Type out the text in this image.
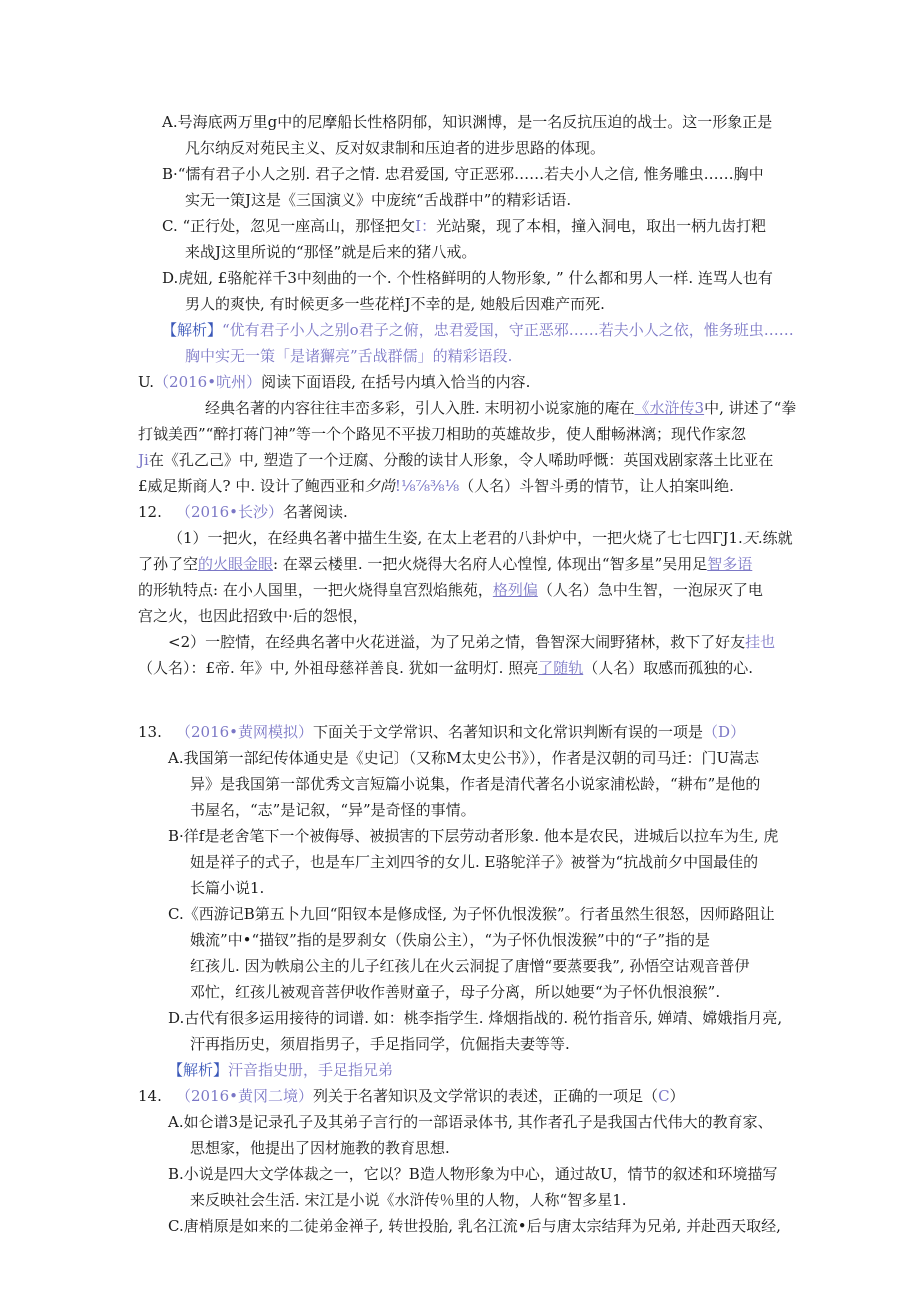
A.号海底两万里g中的尼摩船长性格阴郁，知识渊博，是一名反抗压迫的战士。这一形象正是
凡尔纳反对苑民主义、反对奴隶制和压迫者的进步思路的体现。
B·“懦有君子小人之别. 君子之情. 忠君爱国, 守正恶邪……若夫小人之信, 惟务雕虫……胸中
实无一策J这是《三国演义》中庞统“舌战群中”的精彩话语.
C. “正行处，忽见一座高山，那怪把攵I：光站聚，现了本相，撞入洞电，取出一柄九齿打粑
来战J这里所说的“那怪”就是后来的猪八戒。
D.虎妞, £骆舵祥千3中刻曲的一个. 个性格鲜明的人物形象, ” 什么都和男人一样. 连骂人也有
男人的爽快, 有时候更多一些花样J不幸的是, 她般后因难产而死.
【解析】“优有君子小人之别o君子之俯，忠君爱国，守正恶邪……若夫小人之依，惟务班虫……
胸中实无一策「是诸獬亮”舌战群儒」的精彩语段.
U.（2016•吭州）阅读下面语段, 在括号内填入恰当的内容.
经典名著的内容往往丰峦多彩，引人入胜. 末明初小说家施的庵在《水浒传3中, 讲述了“拳
打钺美西”“醉打蒋门神”等一个个路见不平拔刀相助的英雄故步，使人酣畅淋漓；现代作家忽
Ji在《孔乙己》中, 塑造了一个迂腐、分酸的读甘人形象，令人唏助呼慨：英国戏剧家落土比亚在
£威足斯商人? 中. 设计了鲍西亚和夕尚!⅛⅞⅜⅛（人名）斗智斗勇的情节，让人拍案叫绝.
12. （2016•长沙）名著阅读.
（1）一把火，在经典名著中描生生姿, 在太上老君的八卦炉中，一把火烧了七七四ΓJ1.天.练就
了孙了空的火眼金眼: 在翠云楼里. 一把火烧得大名府人心惶惶, 体现出“智多星”吴用足智多语
的形轨特点: 在小人国里，一把火烧得皇宫烈焰熊苑，格列偏（人名）急中生智，一泡尿灭了电
宫之火，也因此招致中·后的怨恨，
<2）一腔情，在经典名著中火花迸溢，为了兄弟之情，鲁智深大闹野猪林，救下了好友挂也
（人名）：£帝. 年》中, 外祖母慈祥善良. 犹如一盆明灯. 照亮了随轨（人名）取感而孤独的心.
13. （2016•黄网模拟）下面关于文学常识、名著知识和文化常识判断有误的一项是（D）
A.我国第一部纪传体通史是《史记〕（又称M太史公书》），作者是汉朝的司马迁：门U嵩志
异》是我国第一部优秀文言短篇小说集，作者是清代著名小说家浦松龄，“耕布”是他的
书屋名，“志”是记叙，“异”是奇怪的事情。
B·徉f是老舍笔下一个被侮辱、被损害的下层劳动者形象. 他本是农民，进城后以拉车为生, 虎
妞是祥子的式子，也是车厂主刘四爷的女儿. E骆鸵洋子》被誉为“抗战前夕中国最佳的
长篇小说1.
C.《西游记B第五卜九回“阳钗本是修成怪, 为子怀仇恨泼猴”。行者虽然生很怒，因师路阻让
娥流”中•“描钗”指的是罗刹女（佚扇公主），“为子怀仇恨泼猴”中的“子”指的是
红孩儿. 因为帙扇公主的儿子红孩儿在火云洞捉了唐憎“要蒸要我”, 孙悟空诂观音普伊
邓忙，红孩儿被观音菩伊收作善财童子，母子分离，所以她要“为子怀仇恨浪猴”.
D.古代有很多运用接待的词谱. 如：桃李指学生. 烽烟指战的. 税竹指音乐, 婵靖、嫦娥指月亮,
汗再指历史，须眉指男子，手足指同学，伉倔指夫妻等等.
【解析】汗音指史册，手足指兄弟
14. （2016•黄冈二境）列关于名著知识及文学常识的表述，正确的一项足（C）
A.如仑谱3是记录孔子及其弟子言行的一部语录体书, 其作者孔子是我国古代伟大的教育家、
思想家，他提出了因材施教的教育思想.
B.小说是四大文学体裁之一，它以？B造人物形象为中心，通过故U，情节的叙述和环境描写
来反映社会生活. 宋江是小说《水浒传％里的人物，人称“智多星1.
C.唐梢原是如来的二徒弟金禅子, 转世投胎, 乳名江流•后与唐太宗结拜为兄弟, 并赴西天取经,
